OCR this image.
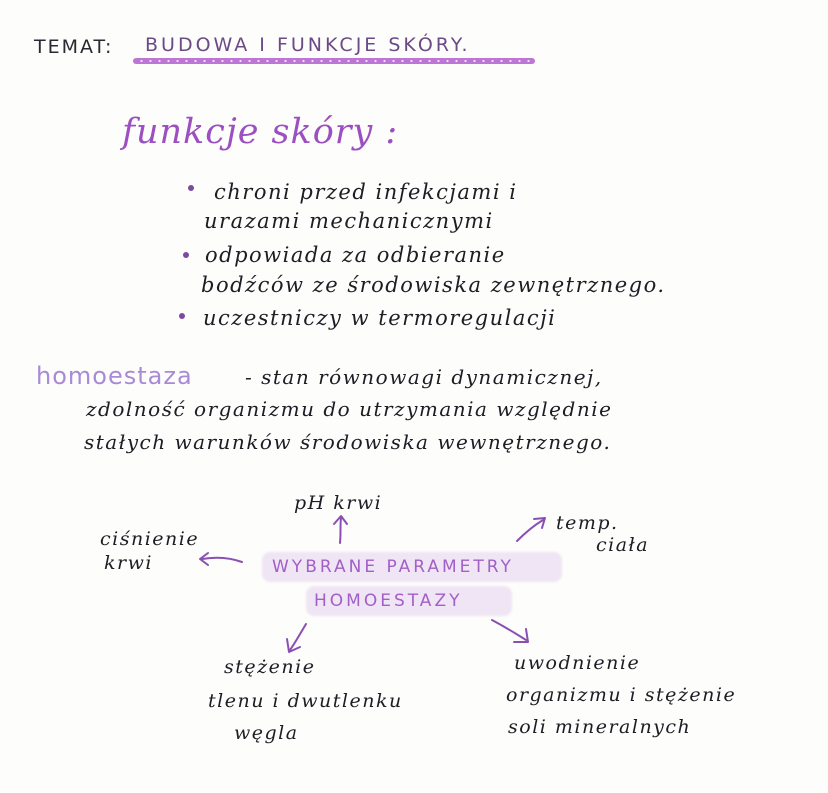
TEMAT: BUDOWA I FUNKCJE SKÓRY.
funkcje skóry :
chroni przed infekcjami i
urazami mechanicznymi
odpowiada za odbieranie
bodźców ze środowiska zewnętrznego.
uczestniczy w termoregulacji
homoestaza	- stan równowagi dynamicznej,
zdolność organizmu do utrzymania względnie
stałych warunków środowiska wewnętrznego.
WYBRANE PARAMETRY
HOMOESTAZY
pH krwi
ciśnienie
krwi
temp.
ciała
stężenie
tlenu i dwutlenku
węgla
uwodnienie
organizmu i stężenie
soli mineralnych
